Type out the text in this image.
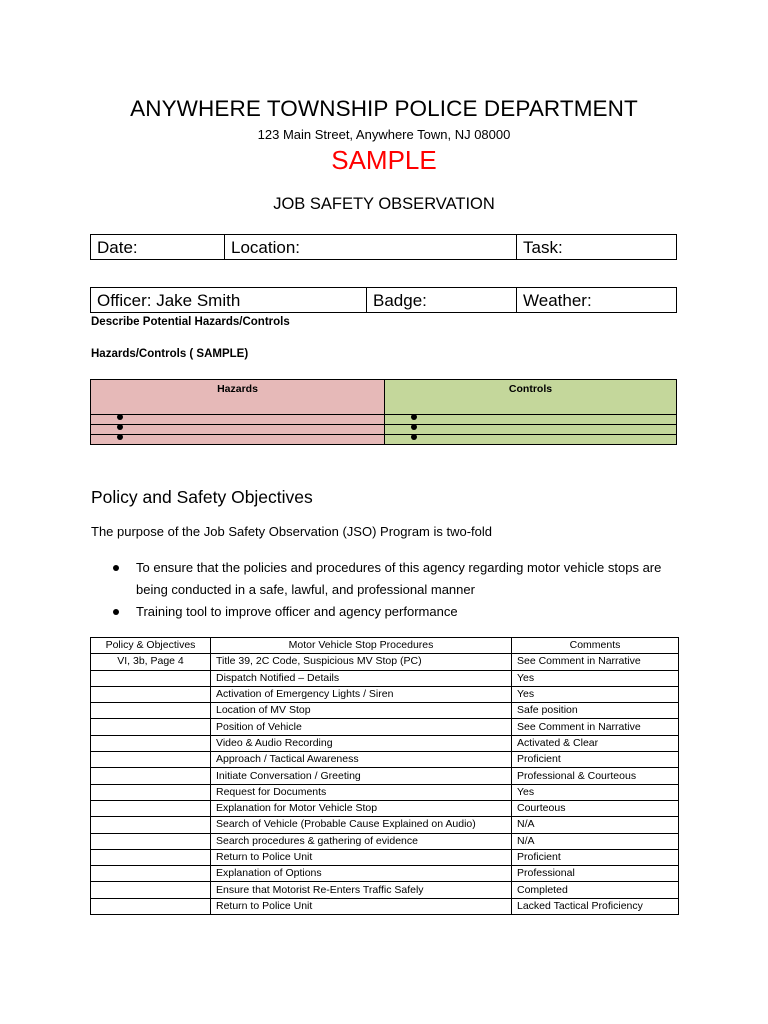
ANYWHERE TOWNSHIP POLICE DEPARTMENT
123 Main Street, Anywhere Town, NJ 08000
SAMPLE
JOB SAFETY OBSERVATION
Date:	Location:	Task:
Officer: Jake Smith	Badge:	Weather:
Describe Potential Hazards/Controls
Hazards/Controls ( SAMPLE)
Hazards	Controls

Policy and Safety Objectives
The purpose of the Job Safety Observation (JSO) Program is two-fold
To ensure that the policies and procedures of this agency regarding motor vehicle stops are being conducted in a safe, lawful, and professional manner
Training tool to improve officer and agency performance
Policy & Objectives	Motor Vehicle Stop Procedures	Comments
VI, 3b, Page 4	Title 39, 2C Code, Suspicious MV Stop (PC)	See Comment in Narrative
	Dispatch Notified – Details	Yes
	Activation of Emergency Lights / Siren	Yes
	Location of MV Stop	Safe position
	Position of Vehicle	See Comment in Narrative
	Video & Audio Recording	Activated & Clear
	Approach / Tactical Awareness	Proficient
	Initiate Conversation / Greeting	Professional & Courteous
	Request for Documents	Yes
	Explanation for Motor Vehicle Stop	Courteous
	Search of Vehicle (Probable Cause Explained on Audio)	N/A
	Search procedures & gathering of evidence	N/A
	Return to Police Unit	Proficient
	Explanation of Options	Professional
	Ensure that Motorist Re-Enters Traffic Safely	Completed
	Return to Police Unit	Lacked Tactical Proficiency
